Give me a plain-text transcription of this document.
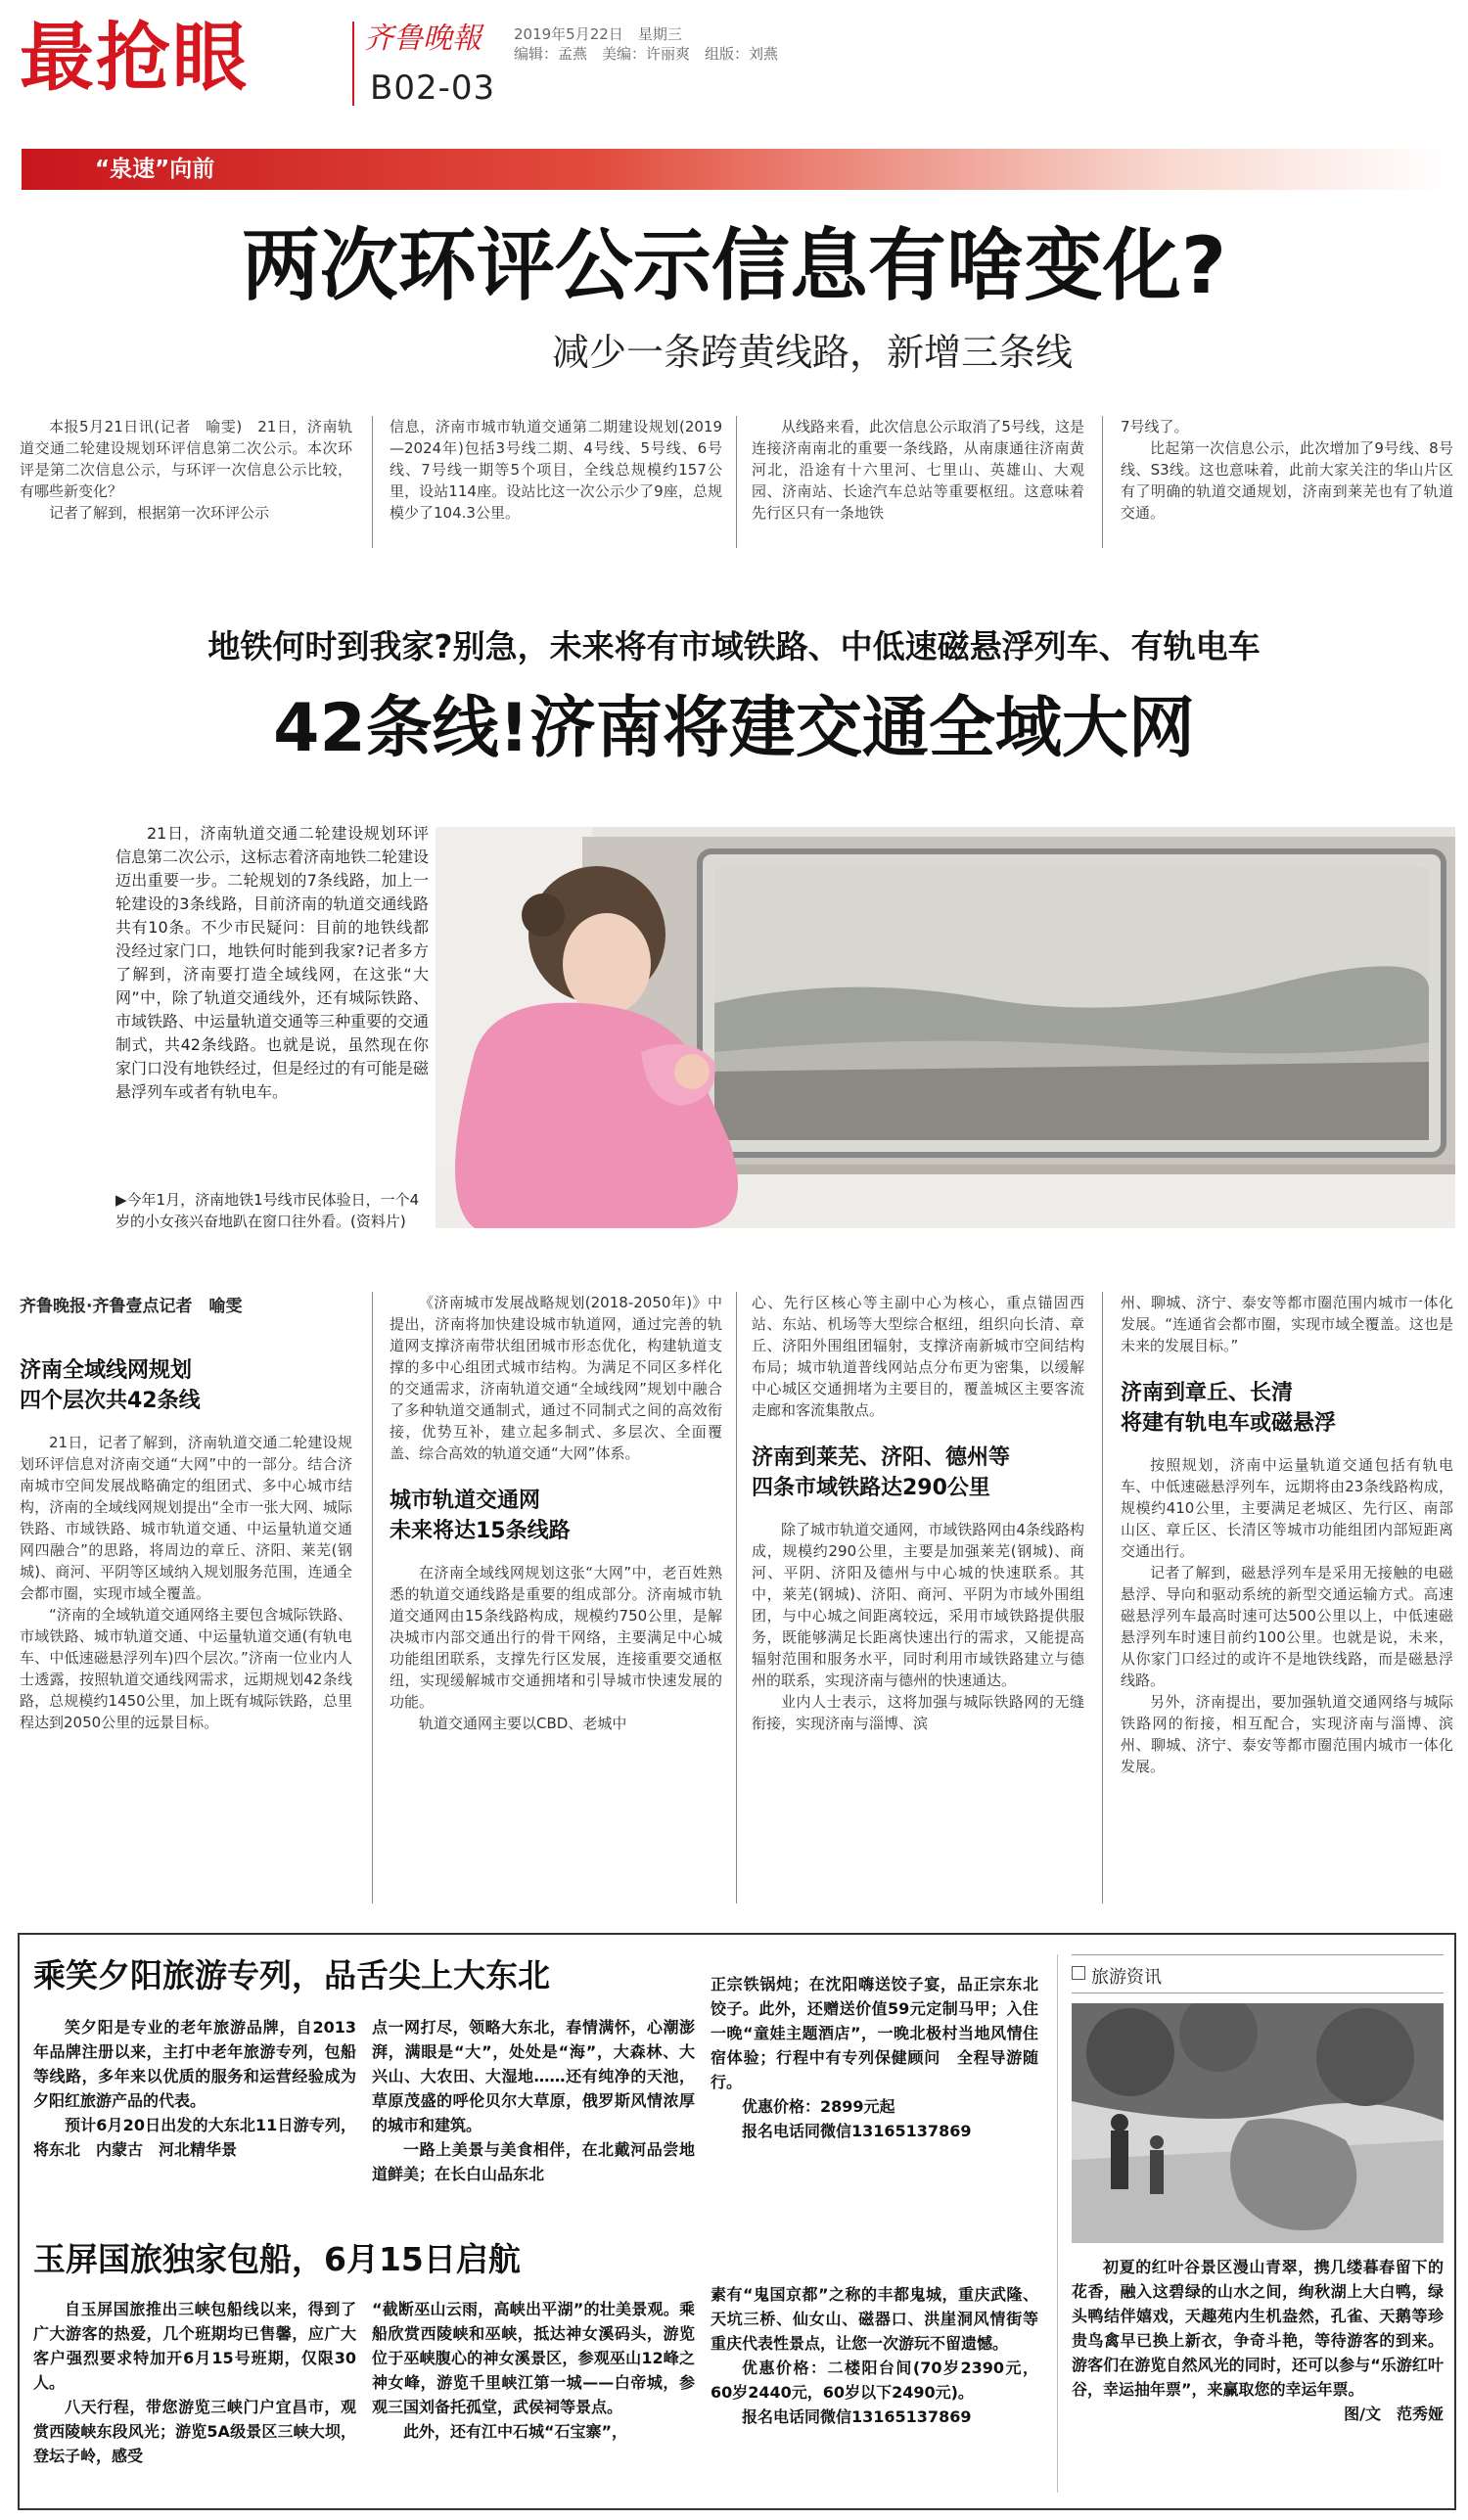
最抢眼	齐鲁晚報 2019年5月22日　 星期三
编辑：孟燕　美编：许丽爽　组版：刘燕
B02-03
“泉速”向前
两次环评公示信息有啥变化?
减少一条跨黄线路，新增三条线

本报5月21日讯(记者　喻雯)　21日，济南轨道交通二轮建设规划环评信息第二次公示。本次环评是第二次信息公示，与环评一次信息公示比较，有哪些新变化？

记者了解到，根据第一次环评公示

信息，济南市城市轨道交通第二期建设规划(2019—2024年)包括3号线二期、4号线、5号线、6号线、7号线一期等5个项目，全线总规模约157公里，设站114座。设站比这一次公示少了9座，总规模少了104.3公里。

从线路来看，此次信息公示取消了5号线，这是连接济南南北的重要一条线路，从南康通往济南黄河北，沿途有十六里河、七里山、英雄山、大观园、济南站、长途汽车总站等重要枢纽。这意味着先行区只有一条地铁

7号线了。

比起第一次信息公示，此次增加了9号线、8号线、S3线。这也意味着，此前大家关注的华山片区有了明确的轨道交通规划，济南到莱芜也有了轨道交通。

地铁何时到我家?别急，未来将有市域铁路、中低速磁悬浮列车、有轨电车
42条线!济南将建交通全域大网
21日，济南轨道交通二轮建设规划环评信息第二次公示，这标志着济南地铁二轮建设迈出重要一步。二轮规划的7条线路，加上一轮建设的3条线路，目前济南的轨道交通线路共有10条。不少市民疑问：目前的地铁线都没经过家门口，地铁何时能到我家?记者多方了解到，济南要打造全域线网，在这张“大网”中，除了轨道交通线外，还有城际铁路、市域铁路、中运量轨道交通等三种重要的交通制式，共42条线路。也就是说，虽然现在你家门口没有地铁经过，但是经过的有可能是磁悬浮列车或者有轨电车。
▶今年1月，济南地铁1号线市民体验日，一个4岁的小女孩兴奋地趴在窗口往外看。(资料片)
齐鲁晚报·齐鲁壹点记者　喻雯
济南全域线网规划
四个层次共42条线

21日，记者了解到，济南轨道交通二轮建设规划环评信息对济南交通“大网”中的一部分。结合济南城市空间发展战略确定的组团式、多中心城市结构，济南的全域线网规划提出“全市一张大网、城际铁路、市域铁路、城市轨道交通、中运量轨道交通网四融合”的思路，将周边的章丘、济阳、莱芜(钢城)、商河、平阴等区域纳入规划服务范围，连通全会都市圈，实现市域全覆盖。

“济南的全域轨道交通网络主要包含城际铁路、市域铁路、城市轨道交通、中运量轨道交通(有轨电车、中低速磁悬浮列车)四个层次。”济南一位业内人士透露，按照轨道交通线网需求，远期规划42条线路，总规模约1450公里，加上既有城际铁路，总里程达到2050公里的远景目标。

《济南城市发展战略规划(2018-2050年)》中提出，济南将加快建设城市轨道网，通过完善的轨道网支撑济南带状组团城市形态优化，构建轨道支撑的多中心组团式城市结构。为满足不同区多样化的交通需求，济南轨道交通“全域线网”规划中融合了多种轨道交通制式，通过不同制式之间的高效衔接，优势互补，建立起多制式、多层次、全面覆盖、综合高效的轨道交通“大网”体系。

城市轨道交通网
未来将达15条线路

在济南全域线网规划这张“大网”中，老百姓熟悉的轨道交通线路是重要的组成部分。济南城市轨道交通网由15条线路构成，规模约750公里，是解决城市内部交通出行的骨干网络，主要满足中心城功能组团联系，支撑先行区发展，连接重要交通枢纽，实现缓解城市交通拥堵和引导城市快速发展的功能。

轨道交通网主要以CBD、老城中

心、先行区核心等主副中心为核心，重点锚固西站、东站、机场等大型综合枢纽，组织向长清、章丘、济阳外围组团辐射，支撑济南新城市空间结构布局；城市轨道普线网站点分布更为密集，以缓解中心城区交通拥堵为主要目的，覆盖城区主要客流走廊和客流集散点。

济南到莱芜、济阳、德州等
四条市域铁路达290公里

除了城市轨道交通网，市域铁路网由4条线路构成，规模约290公里，主要是加强莱芜(钢城)、商河、平阴、济阳及德州与中心城的快速联系。其中，莱芜(钢城)、济阳、商河、平阴为市域外围组团，与中心城之间距离较远，采用市域铁路提供服务，既能够满足长距离快速出行的需求，又能提高辐射范围和服务水平，同时利用市域铁路建立与德州的联系，实现济南与德州的快速通达。

业内人士表示，这将加强与城际铁路网的无缝衔接，实现济南与淄博、滨

州、聊城、济宁、泰安等都市圈范围内城市一体化发展。“连通省会都市圈，实现市域全覆盖。这也是未来的发展目标。”

济南到章丘、长清
将建有轨电车或磁悬浮

按照规划，济南中运量轨道交通包括有轨电车、中低速磁悬浮列车，远期将由23条线路构成，规模约410公里，主要满足老城区、先行区、南部山区、章丘区、长清区等城市功能组团内部短距离交通出行。

记者了解到，磁悬浮列车是采用无接触的电磁悬浮、导向和驱动系统的新型交通运输方式。高速磁悬浮列车最高时速可达500公里以上，中低速磁悬浮列车时速目前约100公里。也就是说，未来，从你家门口经过的或许不是地铁线路，而是磁悬浮线路。

另外，济南提出，要加强轨道交通网络与城际铁路网的衔接，相互配合，实现济南与淄博、滨州、聊城、济宁、泰安等都市圈范围内城市一体化发展。

乘笑夕阳旅游专列，品舌尖上大东北

笑夕阳是专业的老年旅游品牌，自2013年品牌注册以来，主打中老年旅游专列，包船等线路，多年来以优质的服务和运营经验成为夕阳红旅游产品的代表。

预计6月20日出发的大东北11日游专列，将东北　内蒙古　河北精华景

点一网打尽，领略大东北，春情满怀，心潮澎湃，满眼是“大”，处处是“海”，大森林、大兴山、大农田、大湿地……还有纯净的天池，草原茂盛的呼伦贝尔大草原，俄罗斯风情浓厚的城市和建筑。

一路上美景与美食相伴，在北戴河品尝地道鲜美；在长白山品东北

正宗铁锅炖；在沈阳嗨送饺子宴，品正宗东北饺子。此外，还赠送价值59元定制马甲；入住一晚“童娃主题酒店”，一晚北极村当地风情住宿体验；行程中有专列保健顾问　全程导游随行。

优惠价格：2899元起

报名电话同微信13165137869

玉屏国旅独家包船，6月15日启航

自玉屏国旅推出三峡包船线以来，得到了广大游客的热爱，几个班期均已售馨，应广大客户强烈要求特加开6月15号班期，仅限30人。

八天行程，带您游览三峡门户宜昌市，观赏西陵峡东段风光；游览5A级景区三峡大坝，登坛子岭，感受

“截断巫山云雨，高峡出平湖”的壮美景观。乘船欣赏西陵峡和巫峡，抵达神女溪码头，游览位于巫峡腹心的神女溪景区，参观巫山12峰之神女峰，游览千里峡江第一城——白帝城，参观三国刘备托孤堂，武侯祠等景点。

此外，还有江中石城“石宝寨”，

素有“鬼国京都”之称的丰都鬼城，重庆武隆、天坑三桥、仙女山、磁器口、洪崖洞风情街等重庆代表性景点，让您一次游玩不留遗憾。

优惠价格：二楼阳台间(70岁2390元，60岁2440元，60岁以下2490元)。

报名电话同微信13165137869

旅游资讯
初夏的红叶谷景区漫山青翠，携几缕暮春留下的花香，融入这碧绿的山水之间，绚秋湖上大白鸭，绿头鸭结伴嬉戏，天趣苑内生机盎然，孔雀、天鹅等珍贵鸟禽早已换上新衣，争奇斗艳，等待游客的到来。游客们在游览自然风光的同时，还可以参与“乐游红叶谷，幸运抽年票”，来赢取您的幸运年票。
图/文　范秀娅
